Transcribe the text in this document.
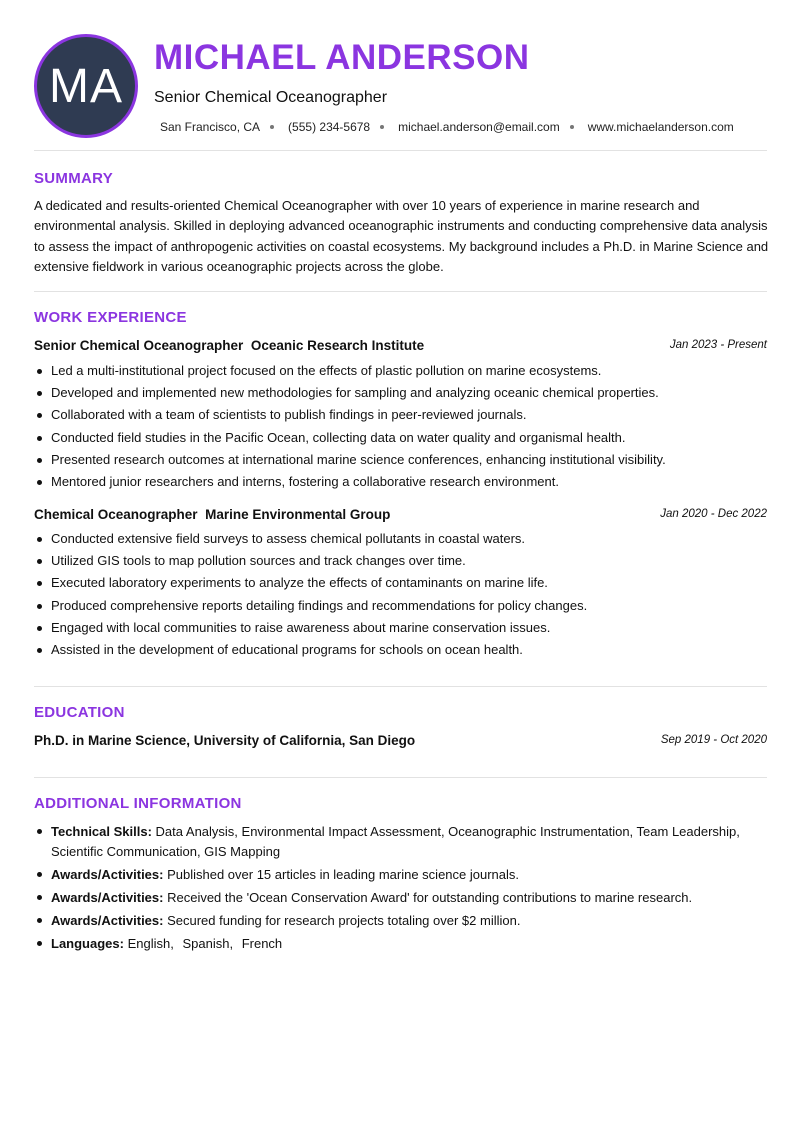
MA
MICHAEL ANDERSON
Senior Chemical Oceanographer
San Francisco, CA (555) 234-5678 michael.anderson@email.com www.michaelanderson.com
SUMMARY
A dedicated and results-oriented Chemical Oceanographer with over 10 years of experience in marine research and environmental analysis. Skilled in deploying advanced oceanographic instruments and conducting comprehensive data analysis to assess the impact of anthropogenic activities on coastal ecosystems. My background includes a Ph.D. in Marine Science and extensive fieldwork in various oceanographic projects across the globe.
WORK EXPERIENCE
Senior Chemical Oceanographer Oceanic Research Institute	Jan 2023 - Present
Led a multi-institutional project focused on the effects of plastic pollution on marine ecosystems.
Developed and implemented new methodologies for sampling and analyzing oceanic chemical properties.
Collaborated with a team of scientists to publish findings in peer-reviewed journals.
Conducted field studies in the Pacific Ocean, collecting data on water quality and organismal health.
Presented research outcomes at international marine science conferences, enhancing institutional visibility.
Mentored junior researchers and interns, fostering a collaborative research environment.
Chemical Oceanographer Marine Environmental Group	Jan 2020 - Dec 2022
Conducted extensive field surveys to assess chemical pollutants in coastal waters.
Utilized GIS tools to map pollution sources and track changes over time.
Executed laboratory experiments to analyze the effects of contaminants on marine life.
Produced comprehensive reports detailing findings and recommendations for policy changes.
Engaged with local communities to raise awareness about marine conservation issues.
Assisted in the development of educational programs for schools on ocean health.
EDUCATION
Ph.D. in Marine Science, University of California, San Diego	Sep 2019 - Oct 2020
ADDITIONAL INFORMATION
Technical Skills: Data Analysis, Environmental Impact Assessment, Oceanographic Instrumentation, Team Leadership, Scientific Communication, GIS Mapping
Awards/Activities: Published over 15 articles in leading marine science journals.
Awards/Activities: Received the 'Ocean Conservation Award' for outstanding contributions to marine research.
Awards/Activities: Secured funding for research projects totaling over $2 million.
Languages: English, Spanish, French
